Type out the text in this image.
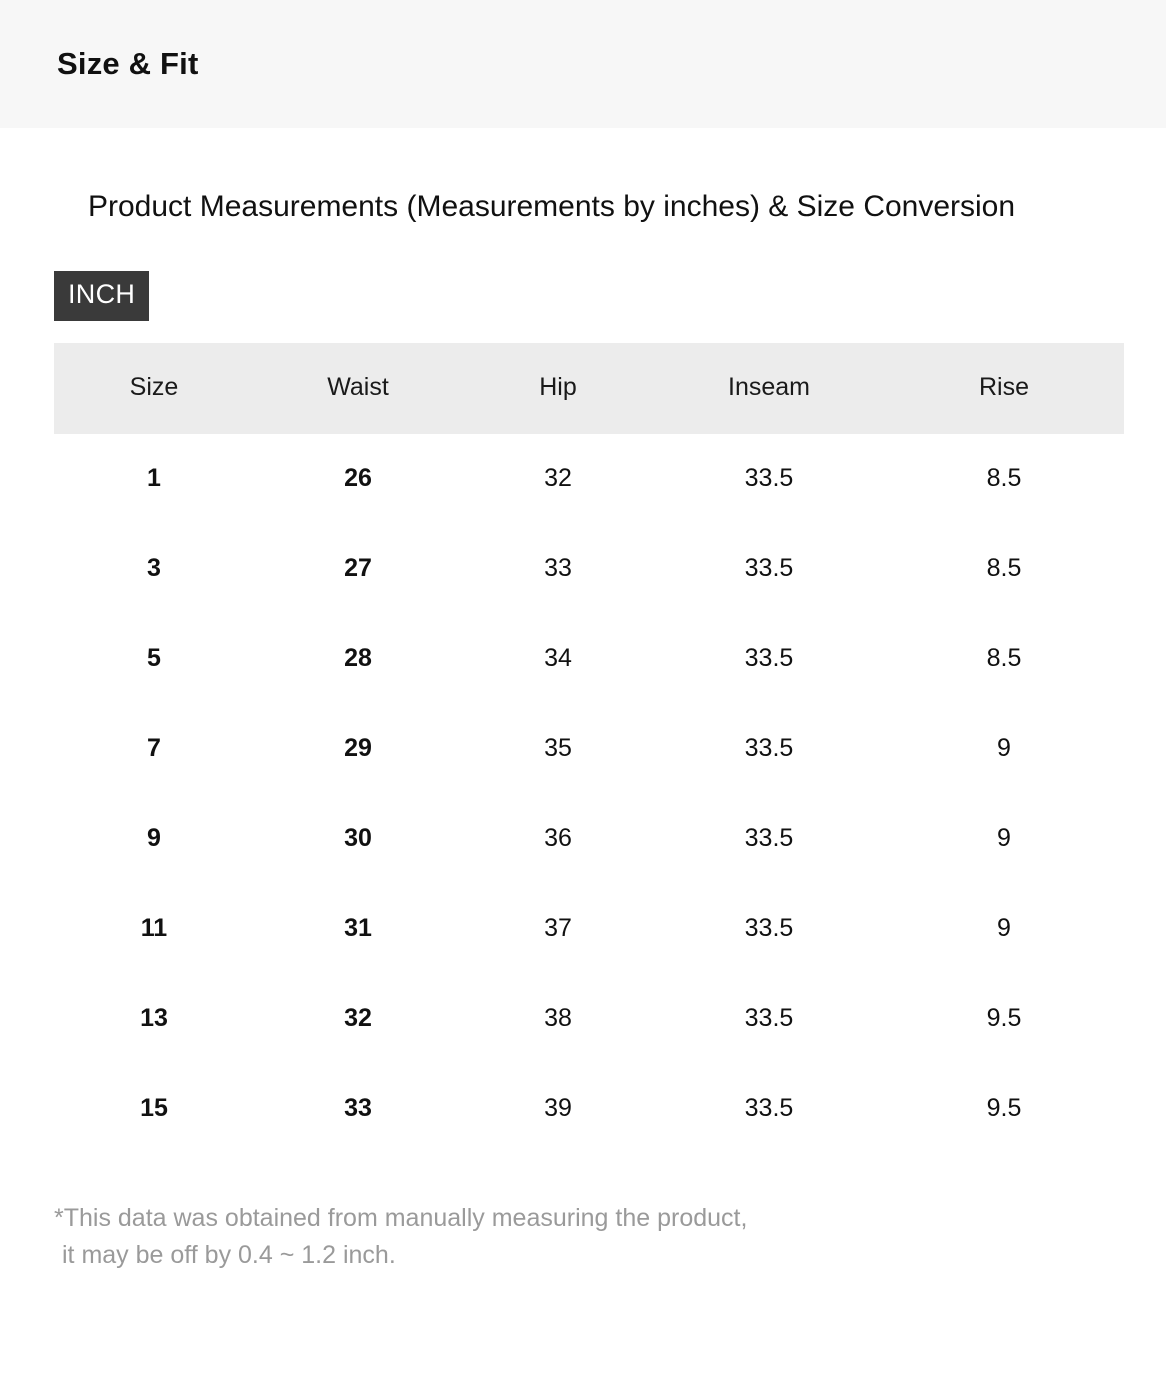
Size & Fit
Product Measurements (Measurements by inches) & Size Conversion
INCH
Size	Waist	Hip	Inseam	Rise
1	26	32	33.5	8.5
3	27	33	33.5	8.5
5	28	34	33.5	8.5
7	29	35	33.5	9
9	30	36	33.5	9
11	31	37	33.5	9
13	32	38	33.5	9.5
15	33	39	33.5	9.5
*This data was obtained from manually measuring the product,
it may be off by 0.4 ~ 1.2 inch.
